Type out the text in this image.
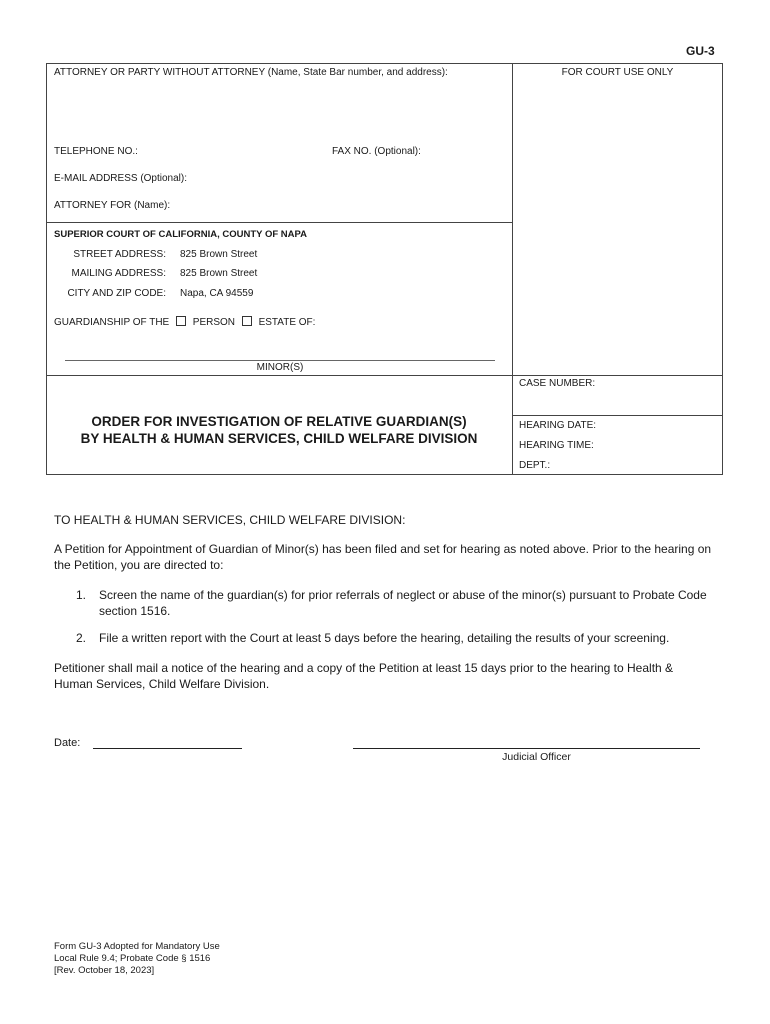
GU-3
ATTORNEY OR PARTY WITHOUT ATTORNEY (Name, State Bar number, and address):	FOR COURT USE ONLY
TELEPHONE NO.:	FAX NO. (Optional):
E-MAIL ADDRESS (Optional):
ATTORNEY FOR (Name):
SUPERIOR COURT OF CALIFORNIA, COUNTY OF NAPA
STREET ADDRESS: 825 Brown Street
MAILING ADDRESS: 825 Brown Street
CITY AND ZIP CODE: Napa, CA 94559
GUARDIANSHIP OF THE PERSON ESTATE OF:
MINOR(S)
CASE NUMBER:
HEARING DATE:
HEARING TIME:
DEPT.:
ORDER FOR INVESTIGATION OF RELATIVE GUARDIAN(S)
BY HEALTH & HUMAN SERVICES, CHILD WELFARE DIVISION
TO HEALTH & HUMAN SERVICES, CHILD WELFARE DIVISION:
A Petition for Appointment of Guardian of Minor(s) has been filed and set for hearing as noted above. Prior to the hearing on the Petition, you are directed to:
1. Screen the name of the guardian(s) for prior referrals of neglect or abuse of the minor(s) pursuant to Probate Code section 1516.
2. File a written report with the Court at least 5 days before the hearing, detailing the results of your screening.
Petitioner shall mail a notice of the hearing and a copy of the Petition at least 15 days prior to the hearing to Health & Human Services, Child Welfare Division.
Date:
Judicial Officer
Form GU-3 Adopted for Mandatory Use
Local Rule 9.4; Probate Code § 1516
[Rev. October 18, 2023]
